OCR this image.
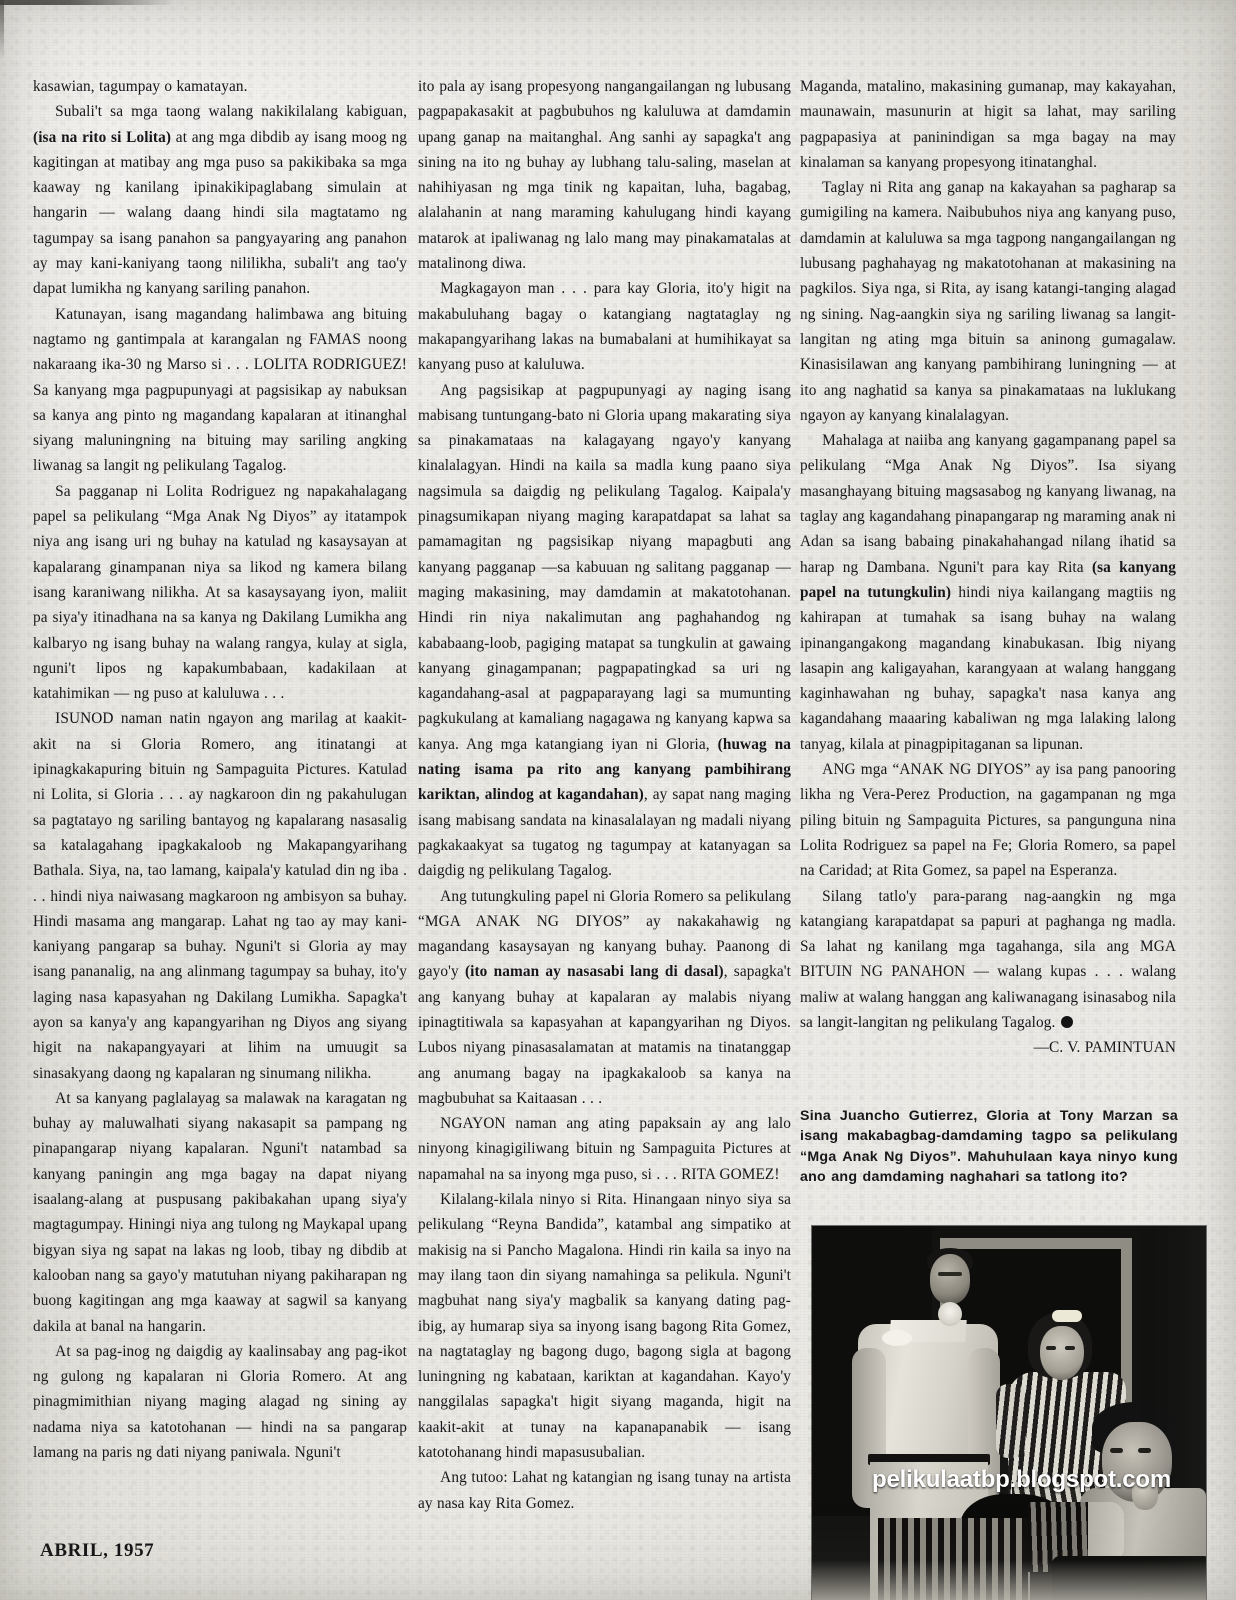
kasawian, tagumpay o kamatayan.

Subali't sa mga taong walang nakikilalang kabiguan, (isa na rito si Lolita) at ang mga dibdib ay isang moog ng kagitingan at matibay ang mga puso sa pakikibaka sa mga kaaway ng kanilang ipinakikipaglabang simulain at hangarin — walang daang hindi sila magtatamo ng tagumpay sa isang panahon sa pangyayaring ang panahon ay may kani-kaniyang taong nililikha, subali't ang tao'y dapat lumikha ng kanyang sariling panahon.

Katunayan, isang magandang halimbawa ang bituing nagtamo ng gantimpala at karangalan ng FAMAS noong nakaraang ika-30 ng Marso si . . . LOLITA RODRIGUEZ! Sa kanyang mga pagpupunyagi at pagsisikap ay nabuksan sa kanya ang pinto ng magandang kapalaran at itinanghal siyang maluningning na bituing may sariling angking liwanag sa langit ng pelikulang Tagalog.

Sa pagganap ni Lolita Rodriguez ng napakahalagang papel sa pelikulang “Mga Anak Ng Diyos” ay itatampok niya ang isang uri ng buhay na katulad ng kasaysayan at kapalarang ginampanan niya sa likod ng kamera bilang isang karaniwang nilikha. At sa kasaysayang iyon, maliit pa siya'y itinadhana na sa kanya ng Dakilang Lumikha ang kalbaryo ng isang buhay na walang rangya, kulay at sigla, nguni't lipos ng kapakumbabaan, kadakilaan at katahimikan — ng puso at kaluluwa . . .

ISUNOD naman natin ngayon ang marilag at kaakit-akit na si Gloria Romero, ang itinatangi at ipinagkakapuring bituin ng Sampaguita Pictures. Katulad ni Lolita, si Gloria . . . ay nagkaroon din ng pakahulugan sa pagtatayo ng sariling bantayog ng kapalarang nasasalig sa katalagahang ipagkakaloob ng Makapangyarihang Bathala. Siya, na, tao lamang, kaipala'y katulad din ng iba . . . hindi niya naiwasang magkaroon ng ambisyon sa buhay. Hindi masama ang mangarap. Lahat ng tao ay may kani-kaniyang pangarap sa buhay. Nguni't si Gloria ay may isang pananalig, na ang alinmang tagumpay sa buhay, ito'y laging nasa kapasyahan ng Dakilang Lumikha. Sapagka't ayon sa kanya'y ang kapangyarihan ng Diyos ang siyang higit na nakapangyayari at lihim na umuugit sa sinasakyang daong ng kapalaran ng sinumang nilikha.

At sa kanyang paglalayag sa malawak na karagatan ng buhay ay maluwalhati siyang nakasapit sa pampang ng pinapangarap niyang kapalaran. Nguni't natambad sa kanyang paningin ang mga bagay na dapat niyang isaalang-alang at puspusang pakibakahan upang siya'y magtagumpay. Hiningi niya ang tulong ng Maykapal upang bigyan siya ng sapat na lakas ng loob, tibay ng dibdib at kalooban nang sa gayo'y matutuhan niyang pakiharapan ng buong kagitingan ang mga kaaway at sagwil sa kanyang dakila at banal na hangarin.

At sa pag-inog ng daigdig ay kaalinsabay ang pag-ikot ng gulong ng kapalaran ni Gloria Romero. At ang pinagmimithian niyang maging alagad ng sining ay nadama niya sa katotohanan — hindi na sa pangarap lamang na paris ng dati niyang paniwala. Nguni't

ito pala ay isang propesyong nangangailangan ng lubusang pagpapakasakit at pagbubuhos ng kaluluwa at damdamin upang ganap na maitanghal. Ang sanhi ay sapagka't ang sining na ito ng buhay ay lubhang talu-saling, maselan at nahihiyasan ng mga tinik ng kapaitan, luha, bagabag, alalahanin at nang maraming kahulugang hindi kayang matarok at ipaliwanag ng lalo mang may pinakamatalas at matalinong diwa.

Magkagayon man . . . para kay Gloria, ito'y higit na makabuluhang bagay o katangiang nagtataglay ng makapangyarihang lakas na bumabalani at humihikayat sa kanyang puso at kaluluwa.

Ang pagsisikap at pagpupunyagi ay naging isang mabisang tuntungang-bato ni Gloria upang makarating siya sa pinakamataas na kalagayang ngayo'y kanyang kinalalagyan. Hindi na kaila sa madla kung paano siya nagsimula sa daigdig ng pelikulang Tagalog. Kaipala'y pinagsumikapan niyang maging karapatdapat sa lahat sa pamamagitan ng pagsisikap niyang mapagbuti ang kanyang pagganap —sa kabuuan ng salitang pagganap — maging makasining, may damdamin at makatotohanan. Hindi rin niya nakalimutan ang paghahandog ng kababaang-loob, pagiging matapat sa tungkulin at gawaing kanyang ginagampanan; pagpapatingkad sa uri ng kagandahang-asal at pagpaparayang lagi sa mumunting pagkukulang at kamaliang nagagawa ng kanyang kapwa sa kanya. Ang mga katangiang iyan ni Gloria, (huwag na nating isama pa rito ang kanyang pambihirang kariktan, alindog at kagandahan), ay sapat nang maging isang mabisang sandata na kinasalalayan ng madali niyang pagkakaakyat sa tugatog ng tagumpay at katanyagan sa daigdig ng pelikulang Tagalog.

Ang tutungkuling papel ni Gloria Romero sa pelikulang “MGA ANAK NG DIYOS” ay nakakahawig ng magandang kasaysayan ng kanyang buhay. Paanong di gayo'y (ito naman ay nasasabi lang di dasal), sapagka't ang kanyang buhay at kapalaran ay malabis niyang ipinagtitiwala sa kapasyahan at kapangyarihan ng Diyos. Lubos niyang pinasasalamatan at matamis na tinatanggap ang anumang bagay na ipagkakaloob sa kanya na magbubuhat sa Kaitaasan . . .

NGAYON naman ang ating papaksain ay ang lalo ninyong kinagigiliwang bituin ng Sampaguita Pictures at napamahal na sa inyong mga puso, si . . . RITA GOMEZ!

Kilalang-kilala ninyo si Rita. Hinangaan ninyo siya sa pelikulang “Reyna Bandida”, katambal ang simpatiko at makisig na si Pancho Magalona. Hindi rin kaila sa inyo na may ilang taon din siyang namahinga sa pelikula. Nguni't magbuhat nang siya'y magbalik sa kanyang dating pag-ibig, ay humarap siya sa inyong isang bagong Rita Gomez, na nagtataglay ng bagong dugo, bagong sigla at bagong luningning ng kabataan, kariktan at kagandahan. Kayo'y nanggilalas sapagka't higit siyang maganda, higit na kaakit-akit at tunay na kapanapanabik — isang katotohanang hindi mapasusubalian.

Ang tutoo: Lahat ng katangian ng isang tunay na artista ay nasa kay Rita Gomez.

Maganda, matalino, makasining gumanap, may kakayahan, maunawain, masunurin at higit sa lahat, may sariling pagpapasiya at paninindigan sa mga bagay na may kinalaman sa kanyang propesyong itinatanghal.

Taglay ni Rita ang ganap na kakayahan sa pagharap sa gumigiling na kamera. Naibubuhos niya ang kanyang puso, damdamin at kaluluwa sa mga tagpong nangangailangan ng lubusang paghahayag ng makatotohanan at makasining na pagkilos. Siya nga, si Rita, ay isang katangi-tanging alagad ng sining. Nag-aangkin siya ng sariling liwanag sa langit-langitan ng ating mga bituin sa aninong gumagalaw. Kinasisilawan ang kanyang pambihirang luningning — at ito ang naghatid sa kanya sa pinakamataas na luklukang ngayon ay kanyang kinalalagyan.

Mahalaga at naiiba ang kanyang gagampanang papel sa pelikulang “Mga Anak Ng Diyos”. Isa siyang masanghayang bituing magsasabog ng kanyang liwanag, na taglay ang kagandahang pinapangarap ng maraming anak ni Adan sa isang babaing pinakahahangad nilang ihatid sa harap ng Dambana. Nguni't para kay Rita (sa kanyang papel na tutungkulin) hindi niya kailangang magtiis ng kahirapan at tumahak sa isang buhay na walang ipinangangakong magandang kinabukasan. Ibig niyang lasapin ang kaligayahan, karangyaan at walang hanggang kaginhawahan ng buhay, sapagka't nasa kanya ang kagandahang maaaring kabaliwan ng mga lalaking lalong tanyag, kilala at pinagpipitaganan sa lipunan.

ANG mga “ANAK NG DIYOS” ay isa pang panooring likha ng Vera-Perez Production, na gagampanan ng mga piling bituin ng Sampaguita Pictures, sa pangunguna nina Lolita Rodriguez sa papel na Fe; Gloria Romero, sa papel na Caridad; at Rita Gomez, sa papel na Esperanza.

Silang tatlo'y para-parang nag-aangkin ng mga katangiang karapatdapat sa papuri at paghanga ng madla. Sa lahat ng kanilang mga tagahanga, sila ang MGA BITUIN NG PANAHON — walang kupas . . . walang maliw at walang hanggan ang kaliwanagang isinasabog nila sa langit-langitan ng pelikulang Tagalog.
—C. V. PAMINTUAN

Sina Juancho Gutierrez, Gloria at Tony Marzan sa isang makabagbag-damdaming tagpo sa pelikulang “Mga Anak Ng Diyos”. Mahuhulaan kaya ninyo kung ano ang damdaming naghahari sa tatlong ito?
pelikulaatbp.blogspot.com
ABRIL, 1957
